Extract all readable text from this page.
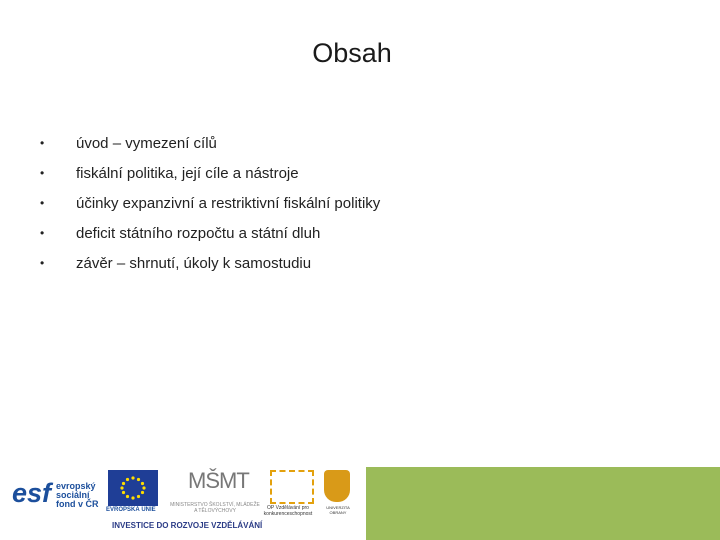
Obsah
•	úvod – vymezení cílů
•	fiskální politika, její cíle a nástroje
•	účinky expanzivní a restriktivní fiskální politiky
•	deficit státního rozpočtu a státní dluh
•	závěr – shrnutí, úkoly k samostudiu
esf evropský sociální fond v ČR
EVROPSKÁ UNIE
MŠMT
MINISTERSTVO ŠKOLSTVÍ, MLÁDEŽE A TĚLOVÝCHOVY	OP Vzdělávání pro konkurenceschopnost
UNIVERZITA OBRANY
INVESTICE DO ROZVOJE VZDĚLÁVÁNÍ
